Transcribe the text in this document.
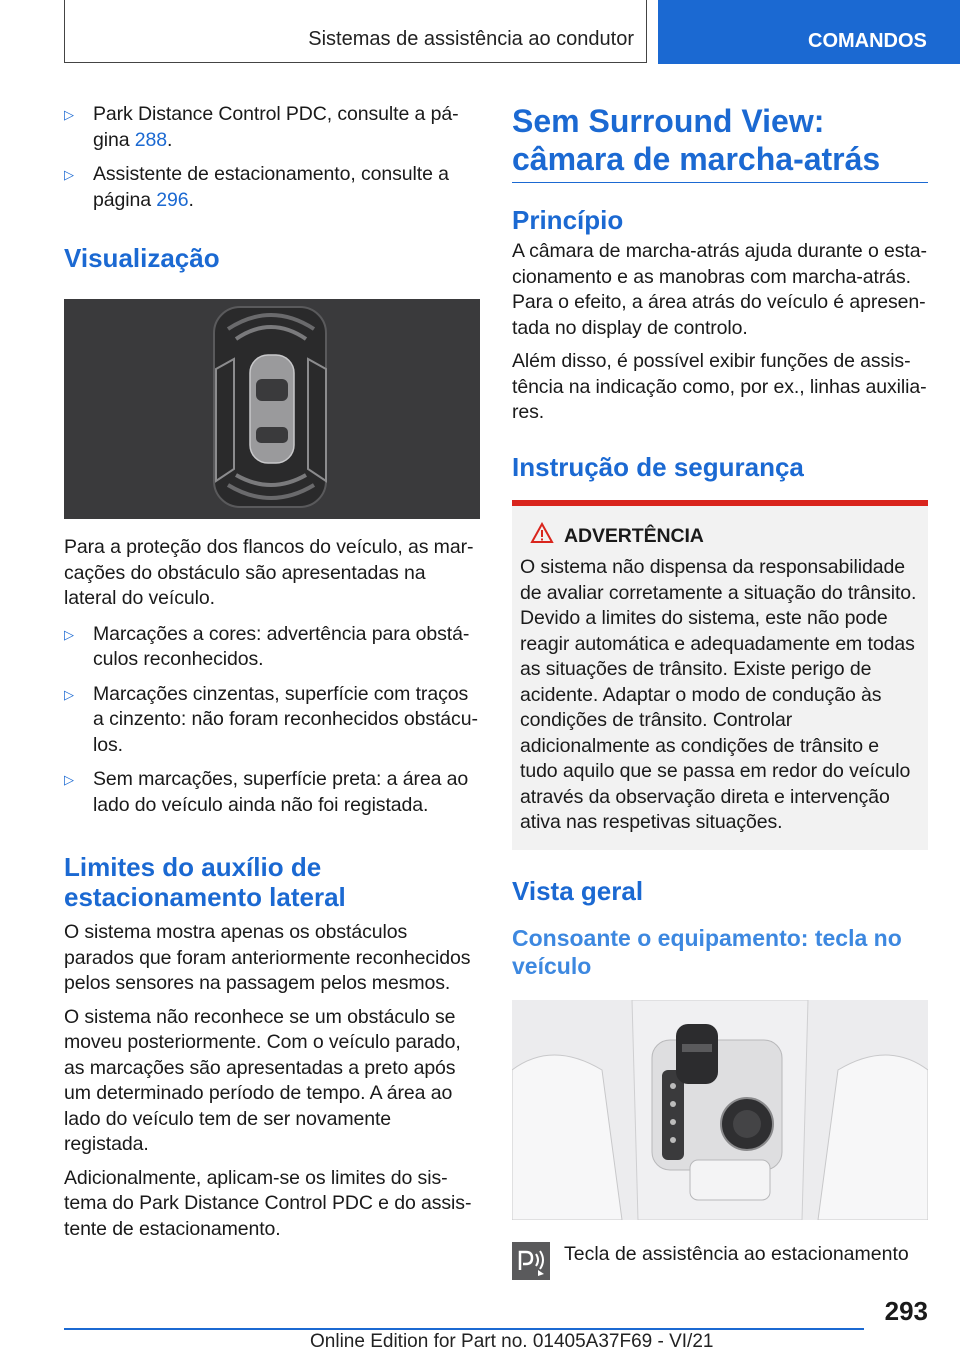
Sistemas de assistência ao condutor	COMANDOS
▷ Park Distance Control PDC, consulte a página 288.
▷ Assistente de estacionamento, consulte a página 296.
Visualização

Para a proteção dos flancos do veículo, as marcações do obstáculo são apresentadas na lateral do veículo.

▷ Marcações a cores: advertência para obstáculos reconhecidos.
▷ Marcações cinzentas, superfície com traços a cinzento: não foram reconhecidos obstáculos.
▷ Sem marcações, superfície preta: a área ao lado do veículo ainda não foi registada.
Limites do auxílio de estacionamento lateral

O sistema mostra apenas os obstáculos parados que foram anteriormente reconhecidos pelos sensores na passagem pelos mesmos.

O sistema não reconhece se um obstáculo se moveu posteriormente. Com o veículo parado, as marcações são apresentadas a preto após um determinado período de tempo. A área ao lado do veículo tem de ser novamente registada.

Adicionalmente, aplicam-se os limites do sistema do Park Distance Control PDC e do assistente de estacionamento.

Sem Surround View: câmara de marcha-atrás
Princípio

A câmara de marcha-atrás ajuda durante o estacionamento e as manobras com marcha-atrás. Para o efeito, a área atrás do veículo é apresentada no display de controlo.

Além disso, é possível exibir funções de assistência na indicação como, por ex., linhas auxiliares.

Instrução de segurança
ADVERTÊNCIA
O sistema não dispensa da responsabilidade de avaliar corretamente a situação do trânsito. Devido a limites do sistema, este não pode reagir automática e adequadamente em todas as situações de trânsito. Existe perigo de acidente. Adaptar o modo de condução às condições de trânsito. Controlar adicionalmente as condições de trânsito e tudo aquilo que se passa em redor do veículo através da observação direta e intervenção ativa nas respetivas situações.
Vista geral
Consoante o equipamento: tecla no veículo
Tecla de assistência ao estacionamento
293
Online Edition for Part no. 01405A37F69 - VI/21
